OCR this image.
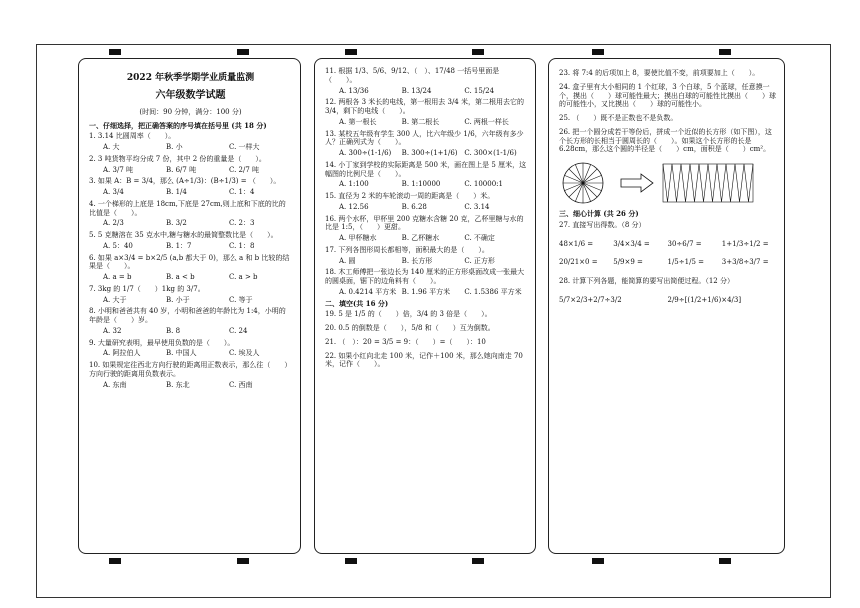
2022 年秋季学期学业质量监测
六年级数学试题
(时间：90 分钟，满分：100 分)
一、仔细选择，把正确答案的序号填在括号里 (共 18 分)
1. 3.14 比圆周率（　　）。
A. 大	B. 小	C. 一样大
2. 3 吨货物平均分成 7 份，其中 2 份的重量是（　　）。
A. 3/7 吨	B. 6/7 吨	C. 2/7 吨
3. 如果 A：B = 3/4，那么 (A÷1/3)：(B÷1/3) = （　　）。
A. 3/4	B. 1/4	C. 1：4
4. 一个梯形的上底是 18cm,下底是 27cm,则上底和下底的比的比值是（　　）。
A. 2/3	B. 3/2	C. 2：3
5. 5 克糖溶在 35 克水中,糖与糖水的最简整数比是（　　）。
A. 5：40	B. 1：7	C. 1：8
6. 如果 a×3/4 = b×2/5 (a,b 都大于 0)，那么 a 和 b 比较的结果是（　　）。
A. a = b	B. a < b	C. a > b
7. 3kg 的 1/7（　　）1kg 的 3/7。
A. 大于	B. 小于	C. 等于
8. 小明和爸爸共有 40 岁，小明和爸爸的年龄比为 1:4，小明的年龄是（　　）岁。
A. 32	B. 8	C. 24
9. 大量研究表明，最早使用负数的是（　　）。
A. 阿拉伯人	B. 中国人	C. 埃及人
10. 如果规定往西北方向行驶的距离用正数表示，那么往（　　）方向行驶的距离用负数表示。
A. 东南	B. 东北	C. 西南
11. 根据 1/3、5/6、9/12、（　）、17/48 一括号里面是（　　）。
A. 13/36	B. 13/24	C. 15/24
12. 两根各 3 米长的电线，第一根用去 3/4 米，第二根用去它的 3/4，剩下的电线（　　）。
A. 第一根长	B. 第二根长	C. 两根一样长
13. 某校五年级有学生 300 人，比六年级少 1/6，六年级有多少人？正确列式为（　　）。
A. 300÷(1-1/6)	B. 300÷(1+1/6) C. 300×(1-1/6)
14. 小丁家到学校的实际距离是 500 米，画在图上是 5 厘米，这幅图的比例尺是（　　）。
A. 1:100	B. 1:10000	C. 10000:1
15. 直径为 2 米的车轮滚动一周的距离是（　　）米。
A. 12.56	B. 6.28	C. 3.14
16. 两个水杯，甲杯里 200 克糖水含糖 20 克，乙杯里糖与水的比是 1:5，（　　）更甜。
A. 甲杯糖水	B. 乙杯糖水	C. 不确定
17. 下列各图形周长都相等，面积最大的是（　　）。
A. 圆	B. 长方形	C. 正方形
18. 木工师傅把一张边长为 140 厘米的正方形桌面改成一张最大的圆桌面，锯下的边角料有（　　）。
A. 0.4214 平方米 B. 1.96 平方米	C. 1.5386 平方米
二、填空(共 16 分)
19. 5 是 1/5 的（　　）倍，3/4 的 3 倍是（　　）。
20. 0.5 的倒数是（　　），5/8 和（　　）互为倒数。
21. （　）：20 = 3/5 = 9：（　　）=（　　）：10
22. 如果小红向北走 100 米，记作＋100 米，那么她向南走 70 米，记作（　　）。
23. 将 7:4 的后项加上 8，要使比值不变，前项要加上（　　）。
24. 盒子里有大小相同的 1 个红球，3 个白球，5 个蓝球，任意摸一个，摸出（　　）球可能性最大；摸出白球的可能性比摸出（　　）球的可能性小，又比摸出（　　）球的可能性小。
25. （　　）既不是正数也不是负数。
26. 把一个圆分成若干等份后，拼成一个近似的长方形（如下图），这个长方形的长相当于圆周长的（　　）。如果这个长方形的长是 6.28cm，那么这个圆的半径是（　　）cm，面积是（　　）cm²。
三、细心计算 (共 26 分)
27. 直接写出得数。（8 分）
48×1/6 =	3/4×3/4 =	30÷6/7 =	1+1/3÷1/2 =
20/21×0 =	5/9×9 =	1/5÷1/5 =	3+3/8÷3/7 =
28. 计算下列各题，能简算的要写出简便过程。（12 分）
5/7×2/3+2/7÷3/2	2/9÷[(1/2+1/6)×4/3]
